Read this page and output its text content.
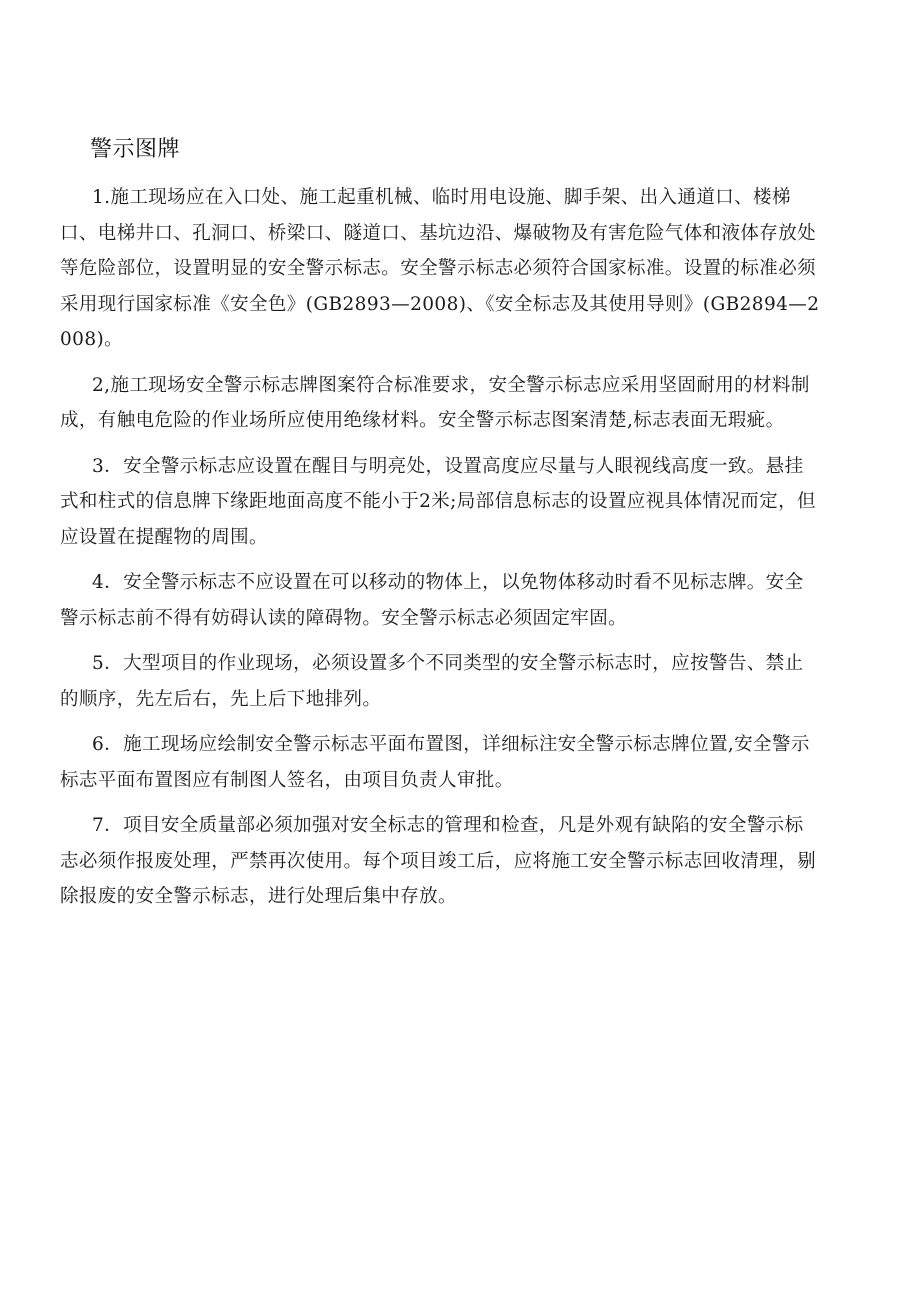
警示图牌

1.施工现场应在入口处、施工起重机械、临时用电设施、脚手架、出入通道口、楼梯口、电梯井口、孔洞口、桥梁口、隧道口、基坑边沿、爆破物及有害危险气体和液体存放处等危险部位，设置明显的安全警示标志。安全警示标志必须符合国家标准。设置的标准必须采用现行国家标准《安全色》(GB2893—2008)、《安全标志及其使用导则》(GB2894—2008)。

2,施工现场安全警示标志牌图案符合标准要求，安全警示标志应采用坚固耐用的材料制成，有触电危险的作业场所应使用绝缘材料。安全警示标志图案清楚,标志表面无瑕疵。

3．安全警示标志应设置在醒目与明亮处，设置高度应尽量与人眼视线高度一致。悬挂式和柱式的信息牌下缘距地面高度不能小于2米;局部信息标志的设置应视具体情况而定，但应设置在提醒物的周围。

4．安全警示标志不应设置在可以移动的物体上，以免物体移动时看不见标志牌。安全警示标志前不得有妨碍认读的障碍物。安全警示标志必须固定牢固。

5．大型项目的作业现场，必须设置多个不同类型的安全警示标志时，应按警告、禁止的顺序，先左后右，先上后下地排列。

6．施工现场应绘制安全警示标志平面布置图，详细标注安全警示标志牌位置,安全警示标志平面布置图应有制图人签名，由项目负责人审批。

7．项目安全质量部必须加强对安全标志的管理和检查，凡是外观有缺陷的安全警示标志必须作报废处理，严禁再次使用。每个项目竣工后，应将施工安全警示标志回收清理，剔除报废的安全警示标志，进行处理后集中存放。
